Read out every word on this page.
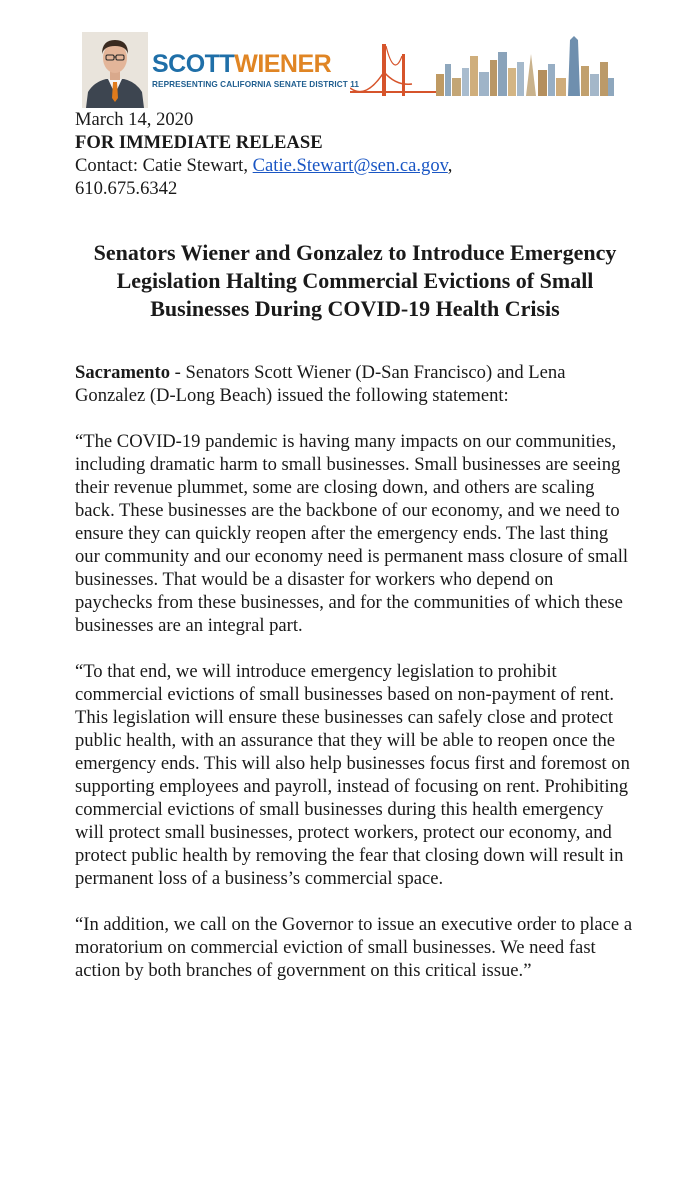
SCOTTWIENER
REPRESENTING CALIFORNIA SENATE DISTRICT 11

March 14, 2020

FOR IMMEDIATE RELEASE

Contact: Catie Stewart, Catie.Stewart@sen.ca.gov,

610.675.6342

Senators Wiener and Gonzalez to Introduce Emergency Legislation Halting Commercial Evictions of Small Businesses During COVID-19 Health Crisis

Sacramento - Senators Scott Wiener (D-San Francisco) and Lena Gonzalez (D-Long Beach) issued the following statement:

“The COVID-19 pandemic is having many impacts on our communities, including dramatic harm to small businesses. Small businesses are seeing their revenue plummet, some are closing down, and others are scaling back. These businesses are the backbone of our economy, and we need to ensure they can quickly reopen after the emergency ends. The last thing our community and our economy need is permanent mass closure of small businesses. That would be a disaster for workers who depend on paychecks from these businesses, and for the communities of which these businesses are an integral part.

“To that end, we will introduce emergency legislation to prohibit commercial evictions of small businesses based on non-payment of rent. This legislation will ensure these businesses can safely close and protect public health, with an assurance that they will be able to reopen once the emergency ends. This will also help businesses focus first and foremost on supporting employees and payroll, instead of focusing on rent. Prohibiting commercial evictions of small businesses during this health emergency will protect small businesses, protect workers, protect our economy, and protect public health by removing the fear that closing down will result in permanent loss of a business’s commercial space.

“In addition, we call on the Governor to issue an executive order to place a moratorium on commercial eviction of small businesses. We need fast action by both branches of government on this critical issue.”
